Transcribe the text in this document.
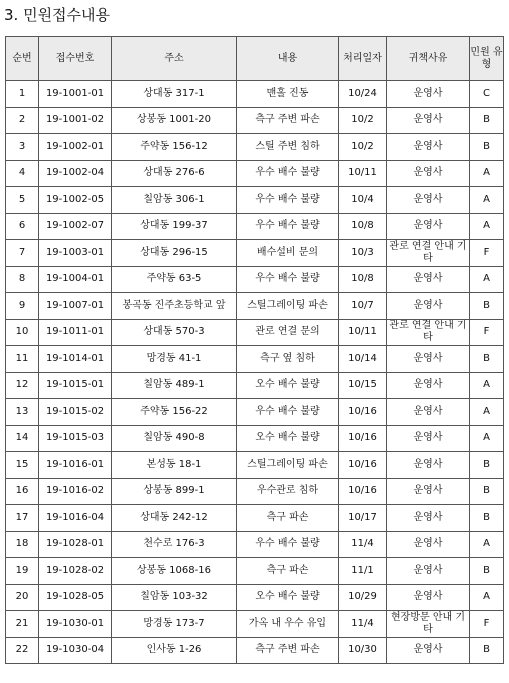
3. 민원접수내용
순번	접수번호	주소	내용	처리일자	귀책사유	민원 유형
1	19-1001-01	상대동 317-1	맨홀 진동	10/24	운영사	C
2	19-1001-02	상봉동 1001-20	측구 주변 파손	10/2	운영사	B
3	19-1002-01	주약동 156-12	스틸 주변 침하	10/2	운영사	B
4	19-1002-04	상대동 276-6	우수 배수 불량	10/11	운영사	A
5	19-1002-05	칠암동 306-1	우수 배수 불량	10/4	운영사	A
6	19-1002-07	상대동 199-37	우수 배수 불량	10/8	운영사	A
7	19-1003-01	상대동 296-15	배수설비 문의	10/3	관로 연결 안내 기타	F
8	19-1004-01	주약동 63-5	우수 배수 불량	10/8	운영사	A
9	19-1007-01	봉곡동 진주초등학교 앞	스틸그레이팅 파손	10/7	운영사	B
10	19-1011-01	상대동 570-3	관로 연결 문의	10/11	관로 연결 안내 기타	F
11	19-1014-01	망경동 41-1	측구 옆 침하	10/14	운영사	B
12	19-1015-01	칠암동 489-1	오수 배수 불량	10/15	운영사	A
13	19-1015-02	주약동 156-22	우수 배수 불량	10/16	운영사	A
14	19-1015-03	칠암동 490-8	오수 배수 불량	10/16	운영사	A
15	19-1016-01	본성동 18-1	스틸그레이팅 파손	10/16	운영사	B
16	19-1016-02	상봉동 899-1	우수관로 침하	10/16	운영사	B
17	19-1016-04	상대동 242-12	측구 파손	10/17	운영사	B
18	19-1028-01	천수로 176-3	우수 배수 불량	11/4	운영사	A
19	19-1028-02	상봉동 1068-16	측구 파손	11/1	운영사	B
20	19-1028-05	칠암동 103-32	오수 배수 불량	10/29	운영사	A
21	19-1030-01	망경동 173-7	가옥 내 우수 유입	11/4	현장방문 안내 기타	F
22	19-1030-04	인사동 1-26	측구 주변 파손	10/30	운영사	B
